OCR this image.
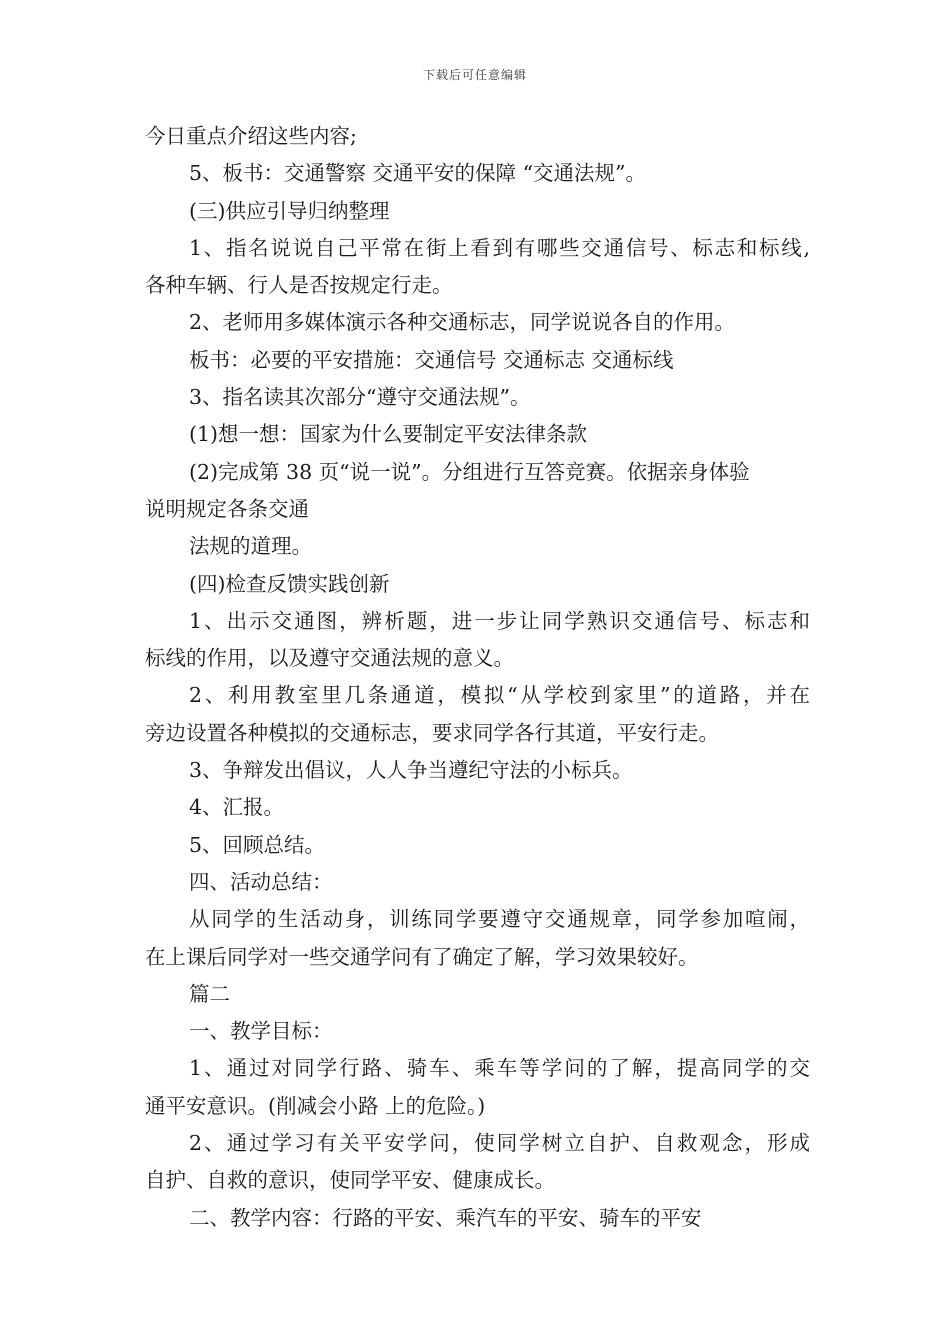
下载后可任意编辑
今日重点介绍这些内容;
5、板书：交通警察 交通平安的保障 “交通法规”。
(三)供应引导归纳整理
1、指名说说自己平常在街上看到有哪些交通信号、标志和标线,
各种车辆、行人是否按规定行走。
2、老师用多媒体演示各种交通标志，同学说说各自的作用。
板书：必要的平安措施：交通信号 交通标志 交通标线
3、指名读其次部分“遵守交通法规”。
(1)想一想：国家为什么要制定平安法律条款
(2)完成第 38 页“说一说”。分组进行互答竞赛。依据亲身体验
说明规定各条交通
法规的道理。
(四)检查反馈实践创新
1、出示交通图，辨析题，进一步让同学熟识交通信号、标志和
标线的作用，以及遵守交通法规的意义。
2、利用教室里几条通道，模拟“从学校到家里”的道路，并在
旁边设置各种模拟的交通标志，要求同学各行其道，平安行走。
3、争辩发出倡议，人人争当遵纪守法的小标兵。
4、汇报。
5、回顾总结。
四、活动总结：
从同学的生活动身，训练同学要遵守交通规章，同学参加喧闹，
在上课后同学对一些交通学问有了确定了解，学习效果较好。
篇二
一、教学目标：
1、通过对同学行路、骑车、乘车等学问的了解，提高同学的交
通平安意识。(削减会小路 上的危险。)
2、通过学习有关平安学问，使同学树立自护、自救观念，形成
自护、自救的意识，使同学平安、健康成长。
二、教学内容：行路的平安、乘汽车的平安、骑车的平安
